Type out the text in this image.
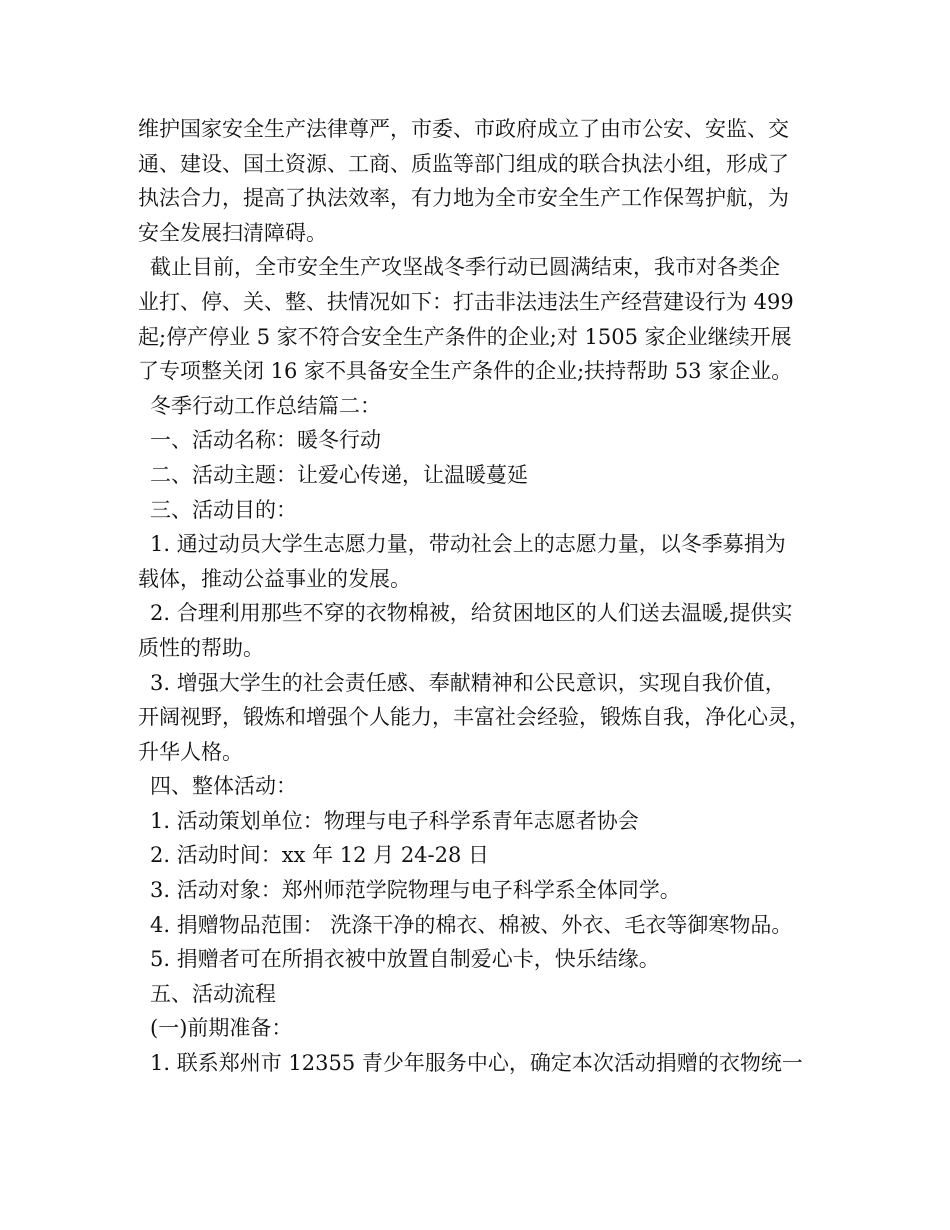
维护国家安全生产法律尊严，市委、市政府成立了由市公安、安监、交
通、建设、国土资源、工商、质监等部门组成的联合执法小组，形成了
执法合力，提高了执法效率，有力地为全市安全生产工作保驾护航，为
安全发展扫清障碍。
截止目前，全市安全生产攻坚战冬季行动已圆满结束，我市对各类企
业打、停、关、整、扶情况如下：打击非法违法生产经营建设行为 499
起;停产停业 5 家不符合安全生产条件的企业;对 1505 家企业继续开展
了专项整关闭 16 家不具备安全生产条件的企业;扶持帮助 53 家企业。
冬季行动工作总结篇二：
一、活动名称：暖冬行动
二、活动主题：让爱心传递，让温暖蔓延
三、活动目的：
1. 通过动员大学生志愿力量，带动社会上的志愿力量，以冬季募捐为
载体，推动公益事业的发展。
2. 合理利用那些不穿的衣物棉被，给贫困地区的人们送去温暖,提供实
质性的帮助。
3. 增强大学生的社会责任感、奉献精神和公民意识，实现自我价值，
开阔视野，锻炼和增强个人能力，丰富社会经验，锻炼自我，净化心灵，
升华人格。
四、整体活动：
1. 活动策划单位：物理与电子科学系青年志愿者协会
2. 活动时间：xx 年 12 月 24-28 日
3. 活动对象：郑州师范学院物理与电子科学系全体同学。
4. 捐赠物品范围： 洗涤干净的棉衣、棉被、外衣、毛衣等御寒物品。
5. 捐赠者可在所捐衣被中放置自制爱心卡，快乐结缘。
五、活动流程
(一)前期准备：
1. 联系郑州市 12355 青少年服务中心，确定本次活动捐赠的衣物统一
